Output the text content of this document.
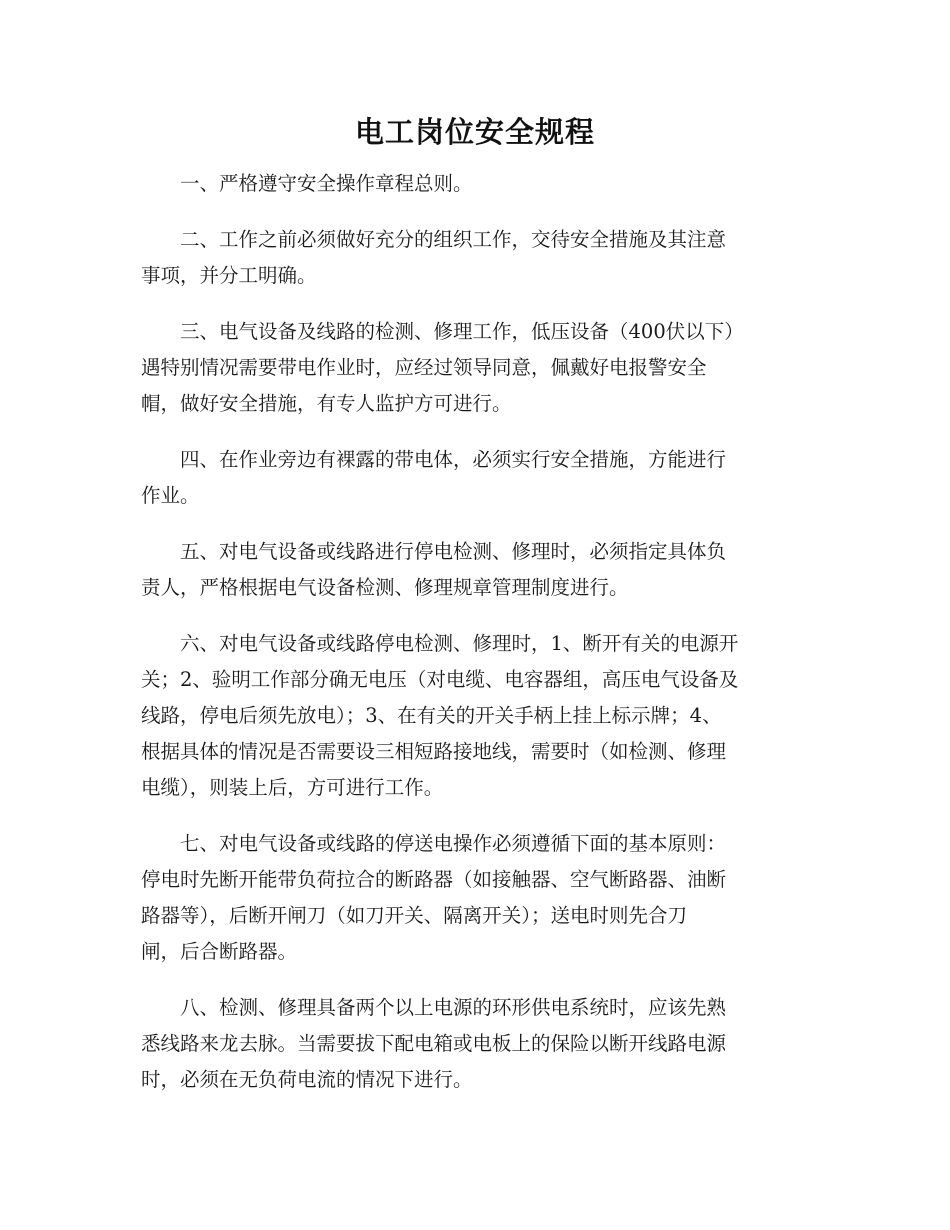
电工岗位安全规程

一、严格遵守安全操作章程总则。

二、工作之前必须做好充分的组织工作，交待安全措施及其注意
事项，并分工明确。

三、电气设备及线路的检测、修理工作，低压设备（400伏以下）
遇特别情况需要带电作业时，应经过领导同意，佩戴好电报警安全
帽，做好安全措施，有专人监护方可进行。

四、在作业旁边有裸露的带电体，必须实行安全措施，方能进行
作业。

五、对电气设备或线路进行停电检测、修理时，必须指定具体负
责人，严格根据电气设备检测、修理规章管理制度进行。

六、对电气设备或线路停电检测、修理时，1、断开有关的电源开
关；2、验明工作部分确无电压（对电缆、电容器组，高压电气设备及
线路，停电后须先放电）；3、在有关的开关手柄上挂上标示牌；4、
根据具体的情况是否需要设三相短路接地线，需要时（如检测、修理
电缆），则装上后，方可进行工作。

七、对电气设备或线路的停送电操作必须遵循下面的基本原则：
停电时先断开能带负荷拉合的断路器（如接触器、空气断路器、油断
路器等），后断开闸刀（如刀开关、隔离开关）；送电时则先合刀
闸，后合断路器。

八、检测、修理具备两个以上电源的环形供电系统时，应该先熟
悉线路来龙去脉。当需要拔下配电箱或电板上的保险以断开线路电源
时，必须在无负荷电流的情况下进行。
